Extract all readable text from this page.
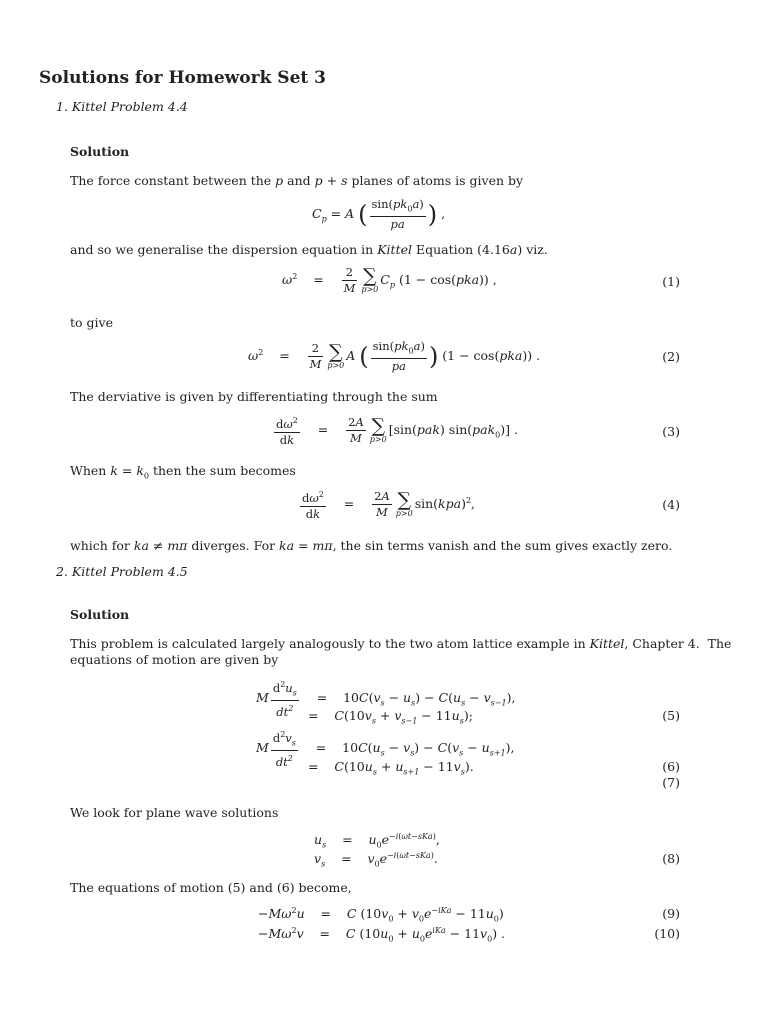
Solutions for Homework Set 3
1. Kittel Problem 4.4
Solution
The force constant between the p and p + s planes of atoms is given by
$C_p = A$ ( $\frac{\sin(pk_0a)}{pa}$ ) ,
and so we generalise the dispersion equation in Kittel Equation (4.16a) viz.
$\omega^2$    = $\frac{2}{M}$ ∑
p>0
$C_p$ (1 − cos(pka)) ,	(1)
to give
$\omega^2$    = $\frac{2}{M}$ ∑
p>0
A ( $\frac{\sin(pk_0a)}{pa}$ ) (1 − cos(pka)) .	(2)
The derviative is given by differentiating through the sum
$\frac{d\omega^2}{dk} = \frac{2A}{M}$ ∑
p>0
[sin(pak) sin(pak$_0$)] .	(3)
When $k = k_0$ then the sum becomes
$\frac{d\omega^2}{dk} = \frac{2A}{M}$ ∑
p>0
sin(kpa)$^2$,	(4)
which for ka ≠ mπ diverges. For ka = mπ, the sin terms vanish and the sum gives exactly zero.
2. Kittel Problem 4.5
Solution
This problem is calculated largely analogously to the two atom lattice example in Kittel, Chapter 4.  The
equations of motion are given by
M $\frac{d^2u_s}{dt^2}$ =    $10C(v_s - u_s) - C(u_s - v_{s-1})$,
=    $C(10v_s + v_{s-1} - 11u_s)$;	(5)
M $\frac{d^2v_s}{dt^2}$ =    $10C(u_s - v_s) - C(v_s - u_{s+1})$,
=    $C(10u_s + u_{s+1} - 11v_s)$.	(6)
(7)
We look for plane wave solutions
$u_s$    =    $u_0e^{-i(\omega t-sKa)}$,
$v_s$    =    $v_0e^{-i(\omega t-sKa)}$.	(8)
The equations of motion (5) and (6) become,
$-M\omega^2u$    =    C $(10v_0 + v_0e^{-iKa} - 11u_0)$	(9)
$-M\omega^2v$    =    C $(10u_0 + u_0e^{iKa} - 11v_0)$ .	(10)
